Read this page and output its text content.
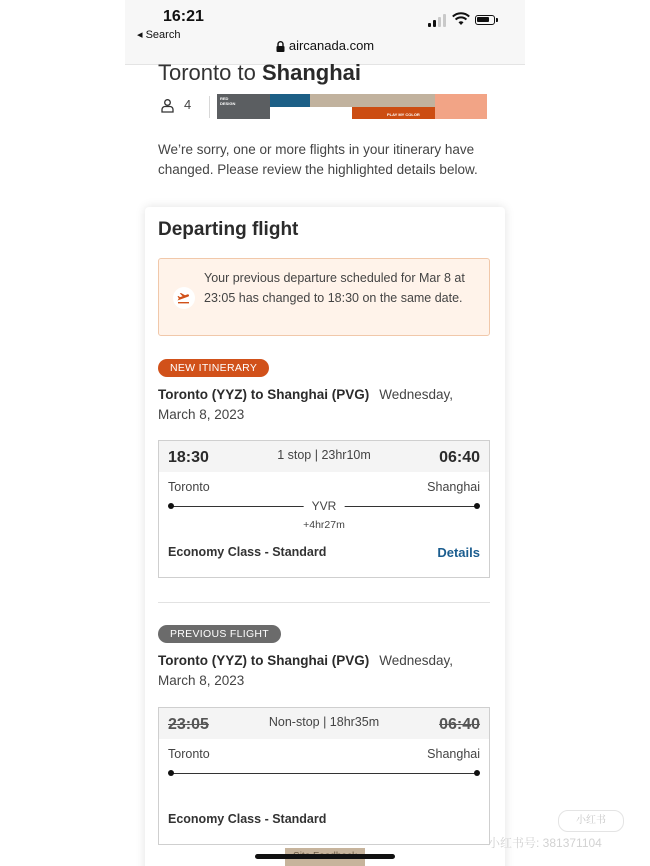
16:21
◂ Search
aircanada.com
Toronto to Shanghai
4	RED DESIGN
PLAY MY COLOR
We’re sorry, one or more flights in your itinerary have changed. Please review the highlighted details below.
Departing flight
Your previous departure scheduled for Mar 8 at 23:05 has changed to 18:30 on the same date.
NEW ITINERARY
Toronto (YYZ) to Shanghai (PVG) Wednesday, March 8, 2023
18:30	1 stop | 23hr10m	06:40
Toronto	Shanghai
YVR
+4hr27m
Economy Class - Standard	Details
PREVIOUS FLIGHT
Toronto (YYZ) to Shanghai (PVG) Wednesday, March 8, 2023
23:05	Non-stop | 18hr35m	06:40
Toronto	Shanghai
Economy Class - Standard	小红书
小红书号: 381371104
